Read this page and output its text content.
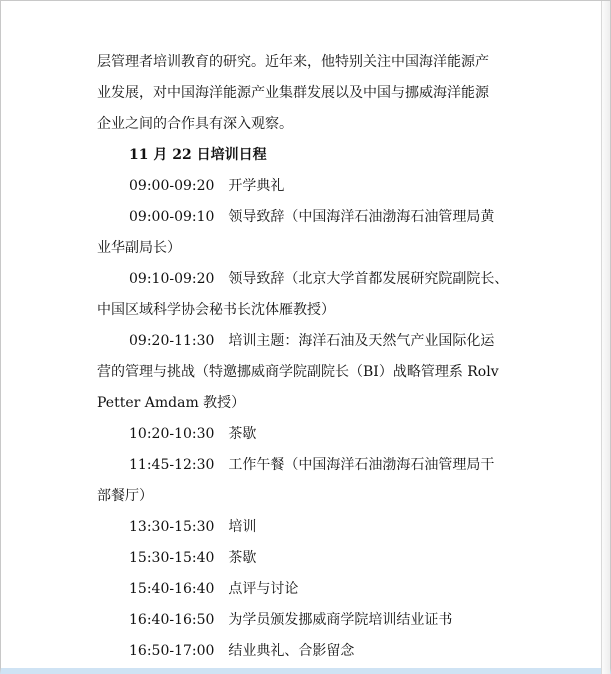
层管理者培训教育的研究。近年来，他特别关注中国海洋能源产
业发展，对中国海洋能源产业集群发展以及中国与挪威海洋能源
企业之间的合作具有深入观察。
11 月 22 日培训日程
09:00-09:20 开学典礼
09:00-09:10 领导致辞（中国海洋石油渤海石油管理局黄
业华副局长）
09:10-09:20 领导致辞（北京大学首都发展研究院副院长、
中国区域科学协会秘书长沈体雁教授）
09:20-11:30 培训主题：海洋石油及天然气产业国际化运
营的管理与挑战（特邀挪威商学院副院长（BI）战略管理系 Rolv
Petter Amdam 教授）
10:20-10:30 茶歇
11:45-12:30 工作午餐（中国海洋石油渤海石油管理局干
部餐厅）
13:30-15:30 培训
15:30-15:40 茶歇
15:40-16:40 点评与讨论
16:40-16:50 为学员颁发挪威商学院培训结业证书
16:50-17:00 结业典礼、合影留念
